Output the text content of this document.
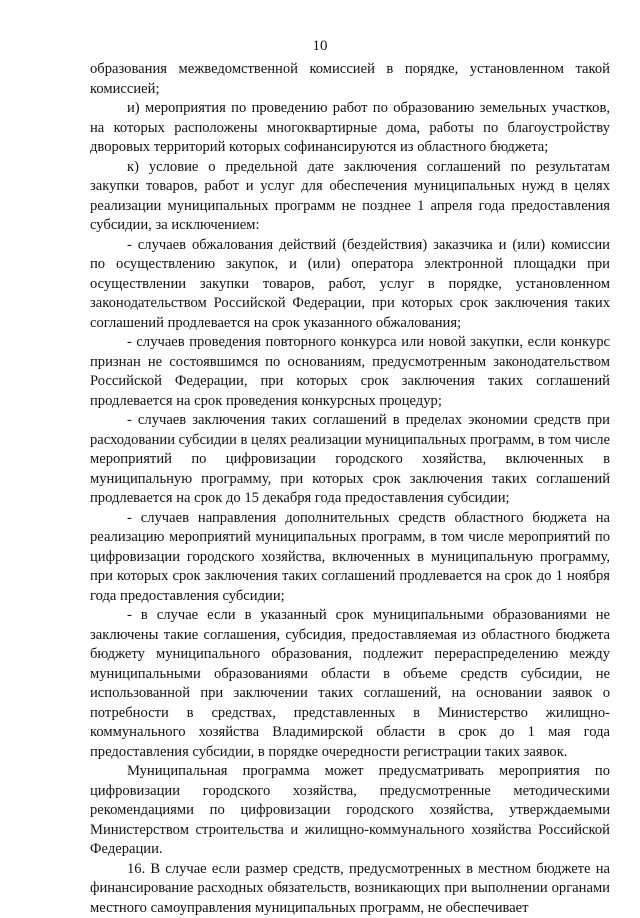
10

образования межведомственной комиссией в порядке, установленном такой комиссией;

и) мероприятия по проведению работ по образованию земельных участков, на которых расположены многоквартирные дома, работы по благоустройству дворовых территорий которых софинансируются из областного бюджета;

к) условие о предельной дате заключения соглашений по результатам закупки товаров, работ и услуг для обеспечения муниципальных нужд в целях реализации муниципальных программ не позднее 1 апреля года предоставления субсидии, за исключением:

- случаев обжалования действий (бездействия) заказчика и (или) комиссии по осуществлению закупок, и (или) оператора электронной площадки при осуществлении закупки товаров, работ, услуг в порядке, установленном законодательством Российской Федерации, при которых срок заключения таких соглашений продлевается на срок указанного обжалования;

- случаев проведения повторного конкурса или новой закупки, если конкурс признан не состоявшимся по основаниям, предусмотренным законодательством Российской Федерации, при которых срок заключения таких соглашений продлевается на срок проведения конкурсных процедур;

- случаев заключения таких соглашений в пределах экономии средств при расходовании субсидии в целях реализации муниципальных программ, в том числе мероприятий по цифровизации городского хозяйства, включенных в муниципальную программу, при которых срок заключения таких соглашений продлевается на срок до 15 декабря года предоставления субсидии;

- случаев направления дополнительных средств областного бюджета на реализацию мероприятий муниципальных программ, в том числе мероприятий по цифровизации городского хозяйства, включенных в муниципальную программу, при которых срок заключения таких соглашений продлевается на срок до 1 ноября года предоставления субсидии;

- в случае если в указанный срок муниципальными образованиями не заключены такие соглашения, субсидия, предоставляемая из областного бюджета бюджету муниципального образования, подлежит перераспределению между муниципальными образованиями области в объеме средств субсидии, не использованной при заключении таких соглашений, на основании заявок о потребности в средствах, представленных в Министерство жилищно-коммунального хозяйства Владимирской области в срок до 1 мая года предоставления субсидии, в порядке очередности регистрации таких заявок.

Муниципальная программа может предусматривать мероприятия по цифровизации городского хозяйства, предусмотренные методическими рекомендациями по цифровизации городского хозяйства, утверждаемыми Министерством строительства и жилищно-коммунального хозяйства Российской Федерации.

16. В случае если размер средств, предусмотренных в местном бюджете на финансирование расходных обязательств, возникающих при выполнении органами местного самоуправления муниципальных программ, не обеспечивает
